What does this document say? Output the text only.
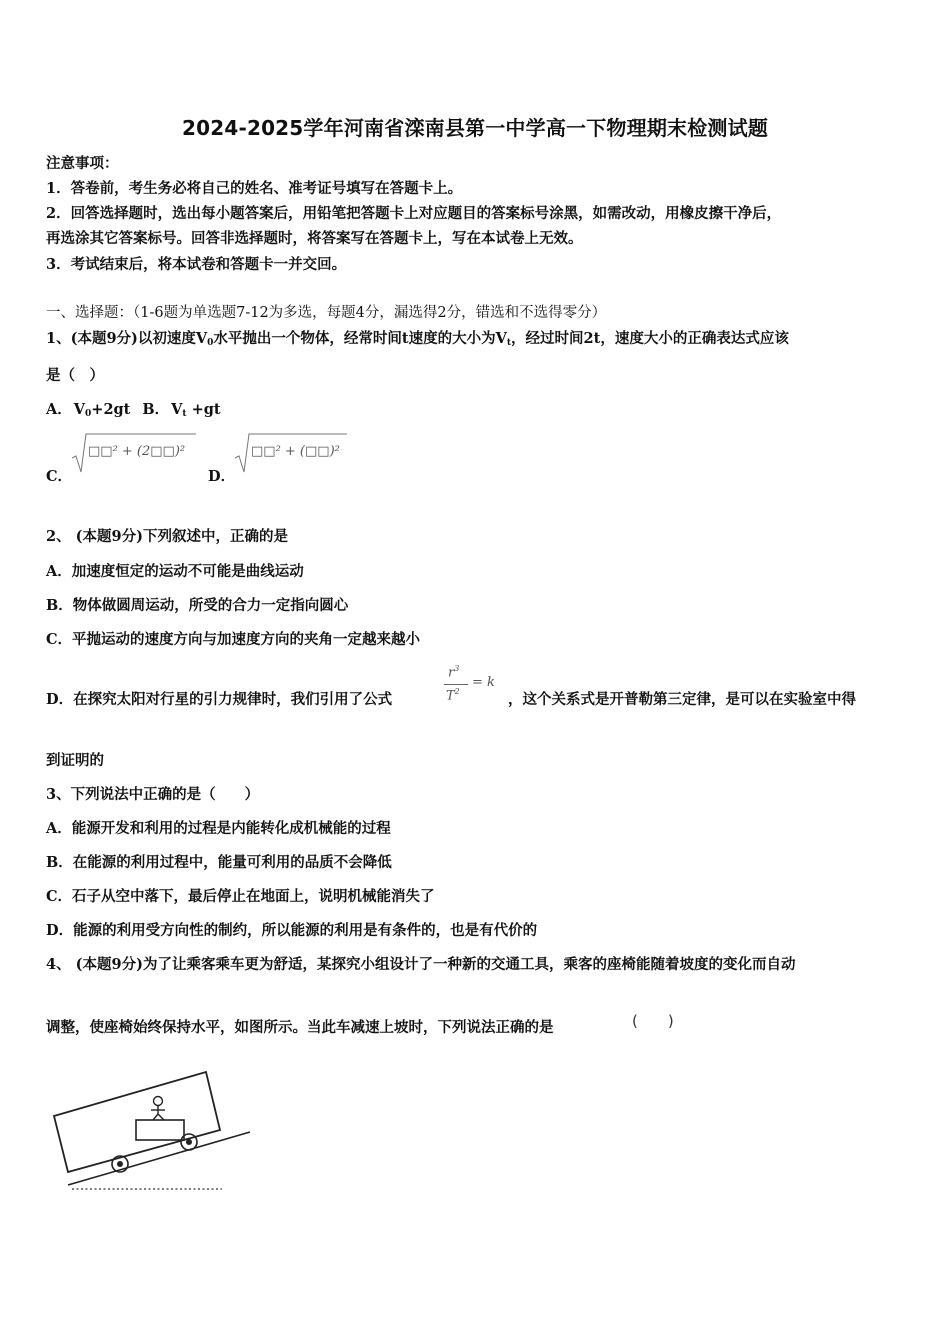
2024-2025学年河南省滦南县第一中学高一下物理期末检测试题
注意事项：
1．答卷前，考生务必将自己的姓名、准考证号填写在答题卡上。
2．回答选择题时，选出每小题答案后，用铅笔把答题卡上对应题目的答案标号涂黑，如需改动，用橡皮擦干净后，
再选涂其它答案标号。回答非选择题时，将答案写在答题卡上，写在本试卷上无效。
3．考试结束后，将本试卷和答题卡一并交回。
一、选择题：（1-6题为单选题7-12为多选，每题4分，漏选得2分，错选和不选得零分）
1、(本题9分)以初速度$V_0$水平抛出一个物体，经常时间t速度的大小为$V_t$，经过时间2t，速度大小的正确表达式应该
是（　）
A． $V_0+2gt$ B． $V_t +gt$
C．
□□² + (2□□)²
D．
□□² + (□□)²
2、 (本题9分)下列叙述中，正确的是
A．加速度恒定的运动不可能是曲线运动
B．物体做圆周运动，所受的合力一定指向圆心
C．平抛运动的速度方向与加速度方向的夹角一定越来越小
D．在探究太阳对行星的引力规律时，我们引用了公式
$r^3$
$T^2$
= k
，这个关系式是开普勒第三定律，是可以在实验室中得
到证明的
3、下列说法中正确的是（　　）
A．能源开发和利用的过程是内能转化成机械能的过程
B．在能源的利用过程中，能量可利用的品质不会降低
C．石子从空中落下，最后停止在地面上，说明机械能消失了
D．能源的利用受方向性的制约，所以能源的利用是有条件的，也是有代价的
4、 (本题9分)为了让乘客乘车更为舒适，某探究小组设计了一种新的交通工具，乘客的座椅能随着坡度的变化而自动
调整，使座椅始终保持水平，如图所示。当此车减速上坡时，下列说法正确的是	(　　)
